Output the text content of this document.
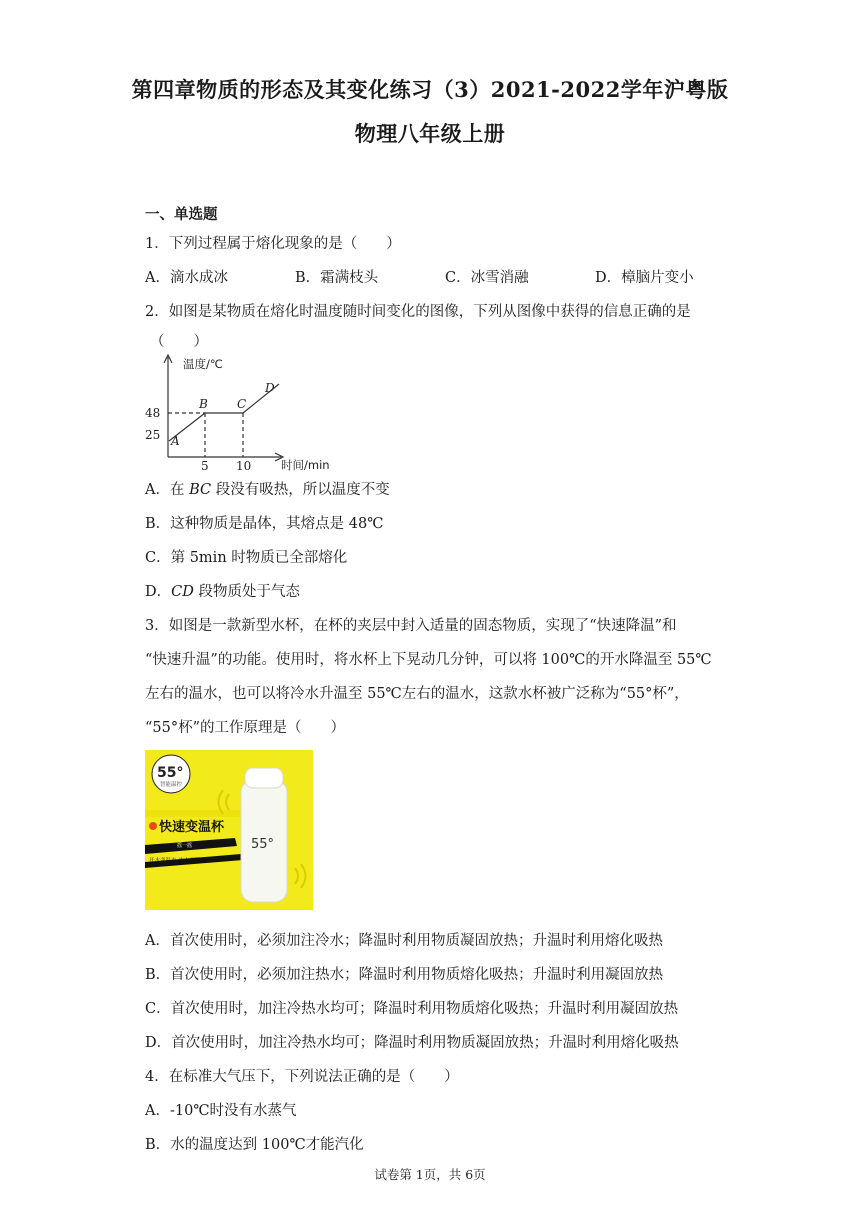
第四章物质的形态及其变化练习（3）2021-2022学年沪粤版
物理八年级上册
一、单选题
1．下列过程属于熔化现象的是（　　）
A．滴水成冰	B．霜满枝头	C．冰雪消融	D．樟脑片变小
2．如图是某物质在熔化时温度随时间变化的图像，下列从图像中获得的信息正确的是
（　　）
温度/℃
时间/min
48
25
5 10
A
B C
D
A．在 BC 段没有吸热，所以温度不变
B．这种物质是晶体，其熔点是 48℃
C．第 5min 时物质已全部熔化
D．CD 段物质处于气态
3．如图是一款新型水杯，在杯的夹层中封入适量的固态物质，实现了“快速降温”和
“快速升温”的功能。使用时，将水杯上下晃动几分钟，可以将 100℃的开水降温至 55℃
左右的温水，也可以将冷水升温至 55℃左右的温水，这款水杯被广泛称为“55°杯”，
“55°杯”的工作原理是（　　）
55°
智能温控
快速变温杯
摇一摇
开水变温水 冰水变温水
55°
A．首次使用时，必须加注冷水；降温时利用物质凝固放热；升温时利用熔化吸热
B．首次使用时，必须加注热水；降温时利用物质熔化吸热；升温时利用凝固放热
C．首次使用时，加注冷热水均可；降温时利用物质熔化吸热；升温时利用凝固放热
D．首次使用时，加注冷热水均可；降温时利用物质凝固放热；升温时利用熔化吸热
4．在标准大气压下，下列说法正确的是（　　）
A．-10℃时没有水蒸气
B．水的温度达到 100℃才能汽化
试卷第 1页，共 6页
